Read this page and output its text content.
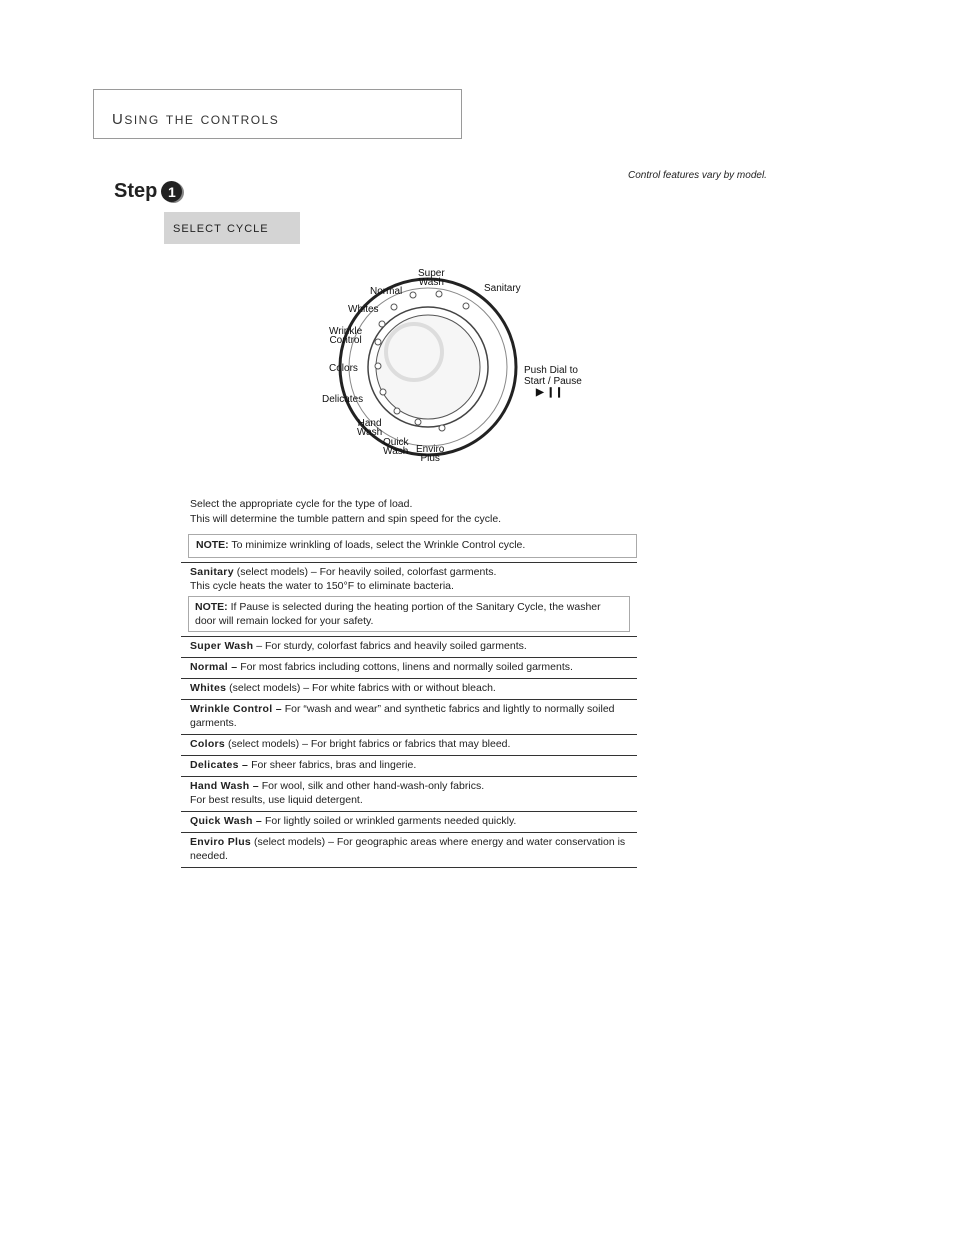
using the controls
Control features vary by model.
Step 1
select cycle
Super
Wash
Sanitary
Normal
Whites
Wrinkle
Control
Colors
Delicates
Hand
Wash
Quick
Wash Enviro
Plus
Push Dial to
Start / Pause
▶ ❙❙
Select the appropriate cycle for the type of load.
This will determine the tumble pattern and spin speed for the cycle.
NOTE: To minimize wrinkling of loads, select the Wrinkle Control cycle.
Sanitary (select models) – For heavily soiled, colorfast garments.
This cycle heats the water to 150°F to eliminate bacteria.
NOTE: If Pause is selected during the heating portion of the Sanitary Cycle, the washer door will remain locked for your safety.
Super Wash – For sturdy, colorfast fabrics and heavily soiled garments.
Normal – For most fabrics including cottons, linens and normally soiled garments.
Whites (select models) – For white fabrics with or without bleach.
Wrinkle Control – For “wash and wear” and synthetic fabrics and lightly to normally soiled garments.
Colors (select models) – For bright fabrics or fabrics that may bleed.
Delicates – For sheer fabrics, bras and lingerie.
Hand Wash – For wool, silk and other hand-wash-only fabrics.
For best results, use liquid detergent.
Quick Wash – For lightly soiled or wrinkled garments needed quickly.
Enviro Plus (select models) – For geographic areas where energy and water conservation is needed.
